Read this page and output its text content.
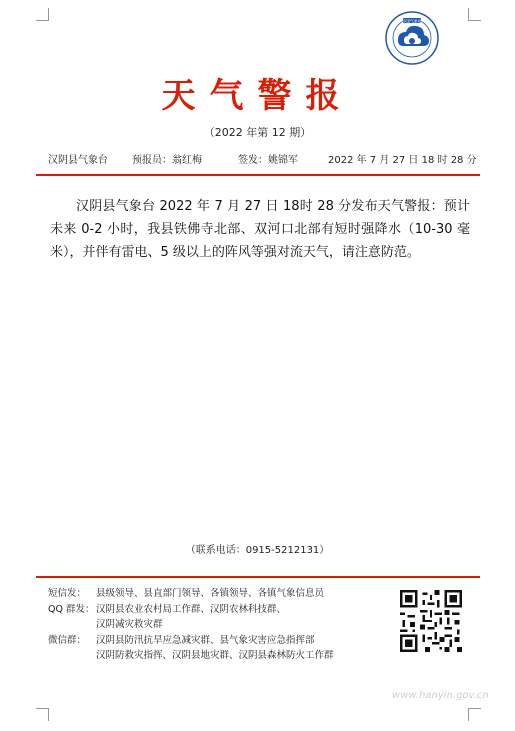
中国气象局
天气警报
（2022 年第 12 期）
汉阴县气象台 预报员：翁红梅	签发：姚锦军	2022 年 7 月 27 日 18 时 28 分
汉阴县气象台 2022 年 7 月 27 日 18时 28 分发布天气警报：预计未来 0-2 小时，我县铁佛寺北部、双河口北部有短时强降水（10-30 毫米），并伴有雷电、5 级以上的阵风等强对流天气，请注意防范。
（联系电话：0915-5212131）
短信发： 县级领导、县直部门领导、各镇领导、各镇气象信息员
QQ 群发： 汉阴县农业农村局工作群、汉阴农林科技群、
汉阴减灾救灾群
微信群： 汉阴县防汛抗旱应急减灾群、县气象灾害应急指挥部
汉阴防救灾指挥、汉阴县地灾群、汉阴县森林防火工作群
www.hanyin.gov.cn
